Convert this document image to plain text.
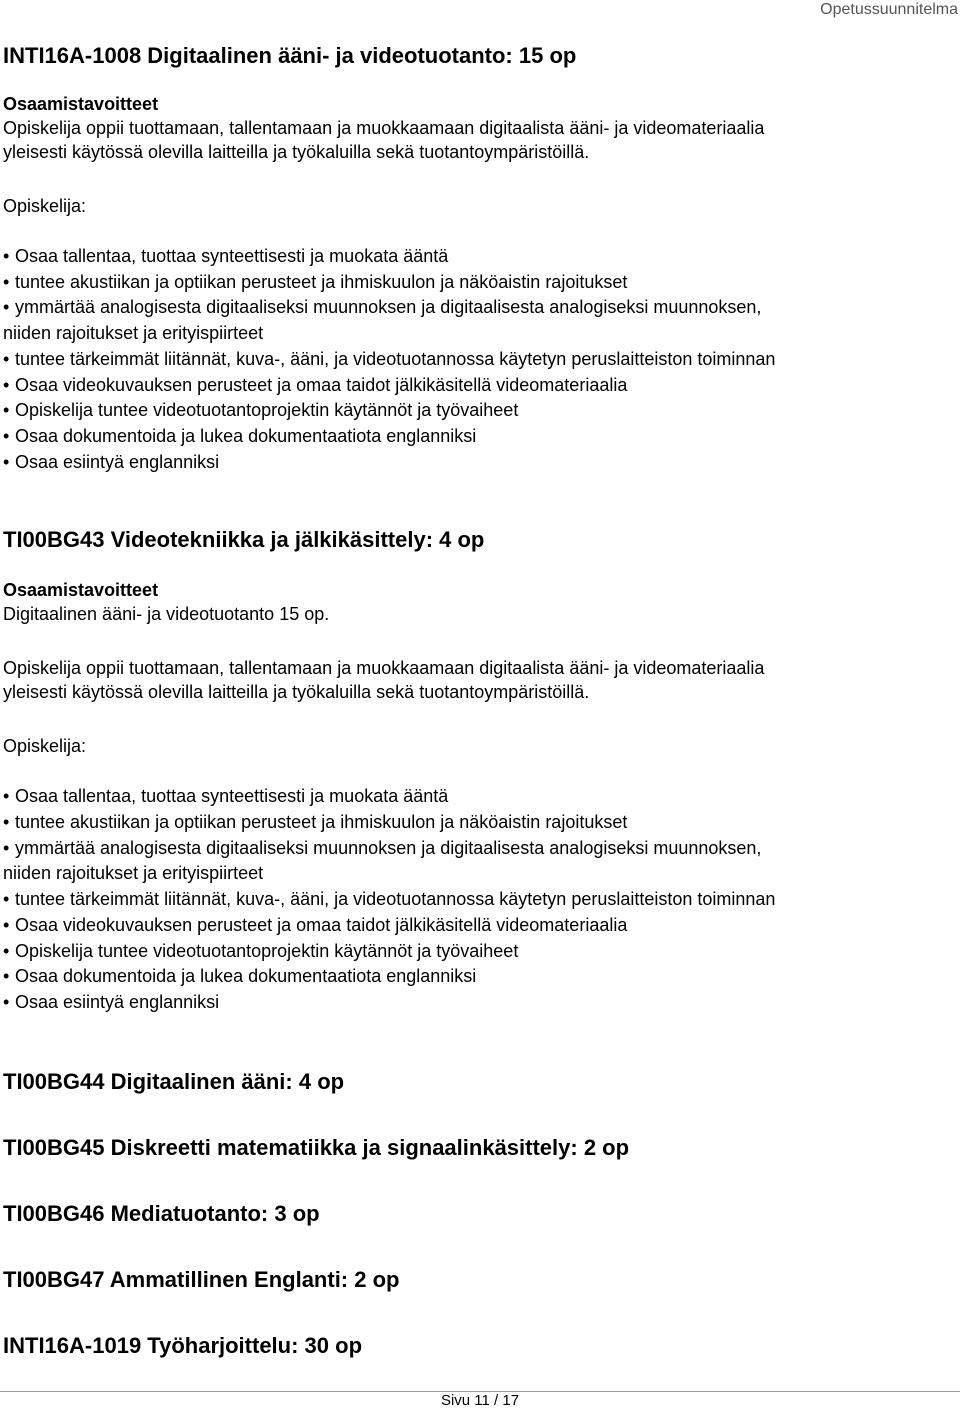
Opetussuunnitelma
INTI16A-1008 Digitaalinen ääni- ja videotuotanto: 15 op
Osaamistavoitteet

Opiskelija oppii tuottamaan, tallentamaan ja muokkaamaan digitaalista ääni- ja videomateriaalia

yleisesti käytössä olevilla laitteilla ja työkaluilla sekä tuotantoympäristöillä.

Opiskelija:

• Osaa tallentaa, tuottaa synteettisesti ja muokata ääntä
• tuntee akustiikan ja optiikan perusteet ja ihmiskuulon ja näköaistin rajoitukset
• ymmärtää analogisesta digitaaliseksi muunnoksen ja digitaalisesta analogiseksi muunnoksen,
niiden rajoitukset ja erityispiirteet
• tuntee tärkeimmät liitännät, kuva-, ääni, ja videotuotannossa käytetyn peruslaitteiston toiminnan
• Osaa videokuvauksen perusteet ja omaa taidot jälkikäsitellä videomateriaalia
• Opiskelija tuntee videotuotantoprojektin käytännöt ja työvaiheet
• Osaa dokumentoida ja lukea dokumentaatiota englanniksi
• Osaa esiintyä englanniksi
TI00BG43 Videotekniikka ja jälkikäsittely: 4 op
Osaamistavoitteet

Digitaalinen ääni- ja videotuotanto 15 op.

Opiskelija oppii tuottamaan, tallentamaan ja muokkaamaan digitaalista ääni- ja videomateriaalia

yleisesti käytössä olevilla laitteilla ja työkaluilla sekä tuotantoympäristöillä.

Opiskelija:

• Osaa tallentaa, tuottaa synteettisesti ja muokata ääntä
• tuntee akustiikan ja optiikan perusteet ja ihmiskuulon ja näköaistin rajoitukset
• ymmärtää analogisesta digitaaliseksi muunnoksen ja digitaalisesta analogiseksi muunnoksen,
niiden rajoitukset ja erityispiirteet
• tuntee tärkeimmät liitännät, kuva-, ääni, ja videotuotannossa käytetyn peruslaitteiston toiminnan
• Osaa videokuvauksen perusteet ja omaa taidot jälkikäsitellä videomateriaalia
• Opiskelija tuntee videotuotantoprojektin käytännöt ja työvaiheet
• Osaa dokumentoida ja lukea dokumentaatiota englanniksi
• Osaa esiintyä englanniksi
TI00BG44 Digitaalinen ääni: 4 op
TI00BG45 Diskreetti matematiikka ja signaalinkäsittely: 2 op
TI00BG46 Mediatuotanto: 3 op
TI00BG47 Ammatillinen Englanti: 2 op
INTI16A-1019 Työharjoittelu: 30 op
Sivu 11 / 17
